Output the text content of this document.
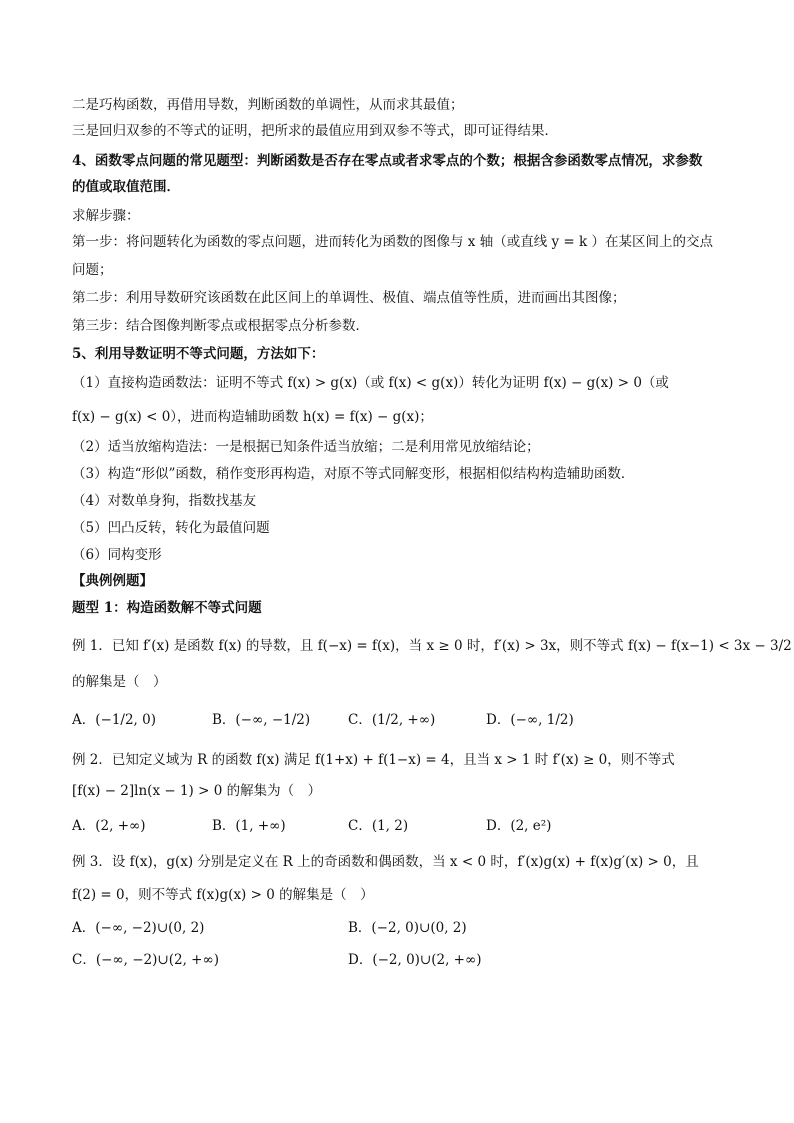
二是巧构函数，再借用导数，判断函数的单调性，从而求其最值；
三是回归双参的不等式的证明，把所求的最值应用到双参不等式，即可证得结果．
4、函数零点问题的常见题型：判断函数是否存在零点或者求零点的个数；根据含参函数零点情况，求参数
的值或取值范围．
求解步骤：
第一步：将问题转化为函数的零点问题，进而转化为函数的图像与 x 轴（或直线 y = k ）在某区间上的交点
问题；
第二步：利用导数研究该函数在此区间上的单调性、极值、端点值等性质，进而画出其图像；
第三步：结合图像判断零点或根据零点分析参数．
5、利用导数证明不等式问题，方法如下：
（1）直接构造函数法：证明不等式 f(x) > g(x)（或 f(x) < g(x)）转化为证明 f(x) − g(x) > 0（或
f(x) − g(x) < 0），进而构造辅助函数 h(x) = f(x) − g(x)；
（2）适当放缩构造法：一是根据已知条件适当放缩；二是利用常见放缩结论；
（3）构造“形似”函数，稍作变形再构造，对原不等式同解变形，根据相似结构构造辅助函数．
（4）对数单身狗，指数找基友
（5）凹凸反转，转化为最值问题
（6）同构变形
【典例例题】
题型 1：构造函数解不等式问题
例 1．已知 f′(x) 是函数 f(x) 的导数，且 f(−x) = f(x)，当 x ≥ 0 时，f′(x) > 3x，则不等式 f(x) − f(x−1) < 3x − 3/2
的解集是（　）
A．(−1/2, 0)	B．(−∞, −1/2)	C．(1/2, +∞)	D．(−∞, 1/2)
例 2．已知定义域为 R 的函数 f(x) 满足 f(1+x) + f(1−x) = 4，且当 x > 1 时 f′(x) ≥ 0，则不等式
[f(x) − 2]ln(x − 1) > 0 的解集为（　）
A．(2, +∞)	B．(1, +∞)	C．(1, 2)	D．(2, e²)
例 3．设 f(x)，g(x) 分别是定义在 R 上的奇函数和偶函数，当 x < 0 时，f′(x)g(x) + f(x)g′(x) > 0，且
f(2) = 0，则不等式 f(x)g(x) > 0 的解集是（　）
A．(−∞, −2)∪(0, 2)	B．(−2, 0)∪(0, 2)
C．(−∞, −2)∪(2, +∞)	D．(−2, 0)∪(2, +∞)
